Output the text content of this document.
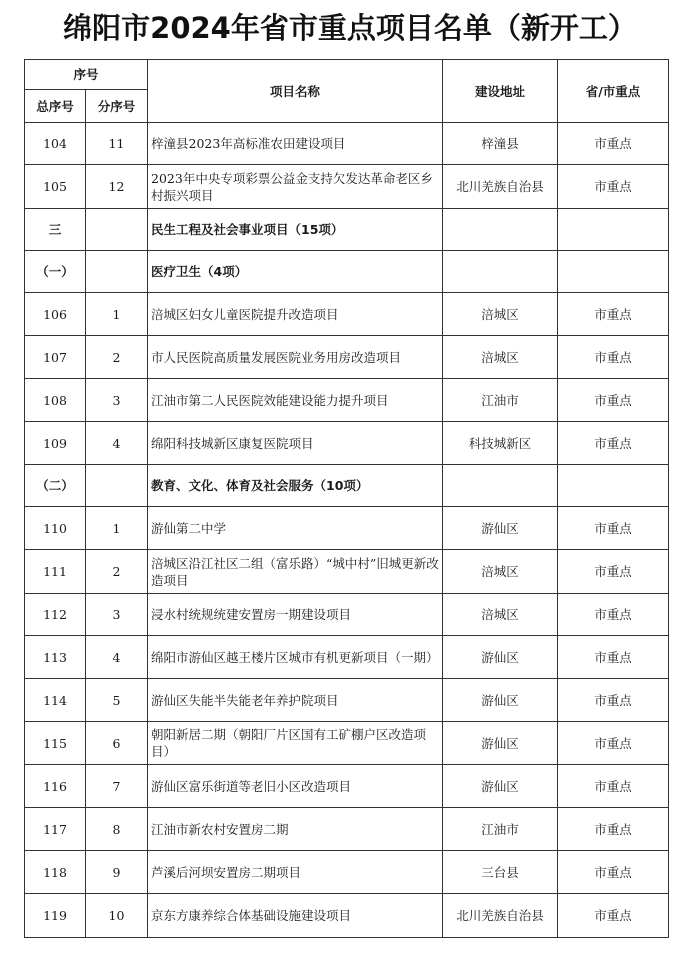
绵阳市2024年省市重点项目名单（新开工）
序号		项目名称	建设地址	省/市重点
总序号	分序号			
104	11	梓潼县2023年高标准农田建设项目	梓潼县	市重点
105	12	2023年中央专项彩票公益金支持欠发达革命老区乡村振兴项目	北川羌族自治县	市重点
三		民生工程及社会事业项目（15项）		
（一）		医疗卫生（4项）		
106	1	涪城区妇女儿童医院提升改造项目	涪城区	市重点
107	2	市人民医院高质量发展医院业务用房改造项目	涪城区	市重点
108	3	江油市第二人民医院效能建设能力提升项目	江油市	市重点
109	4	绵阳科技城新区康复医院项目	科技城新区	市重点
（二）		教育、文化、体育及社会服务（10项）		
110	1	游仙第二中学	游仙区	市重点
111	2	涪城区沿江社区二组（富乐路）“城中村”旧城更新改造项目	涪城区	市重点
112	3	浸水村统规统建安置房一期建设项目	涪城区	市重点
113	4	绵阳市游仙区越王楼片区城市有机更新项目（一期）	游仙区	市重点
114	5	游仙区失能半失能老年养护院项目	游仙区	市重点
115	6	朝阳新居二期（朝阳厂片区国有工矿棚户区改造项目）	游仙区	市重点
116	7	游仙区富乐街道等老旧小区改造项目	游仙区	市重点
117	8	江油市新农村安置房二期	江油市	市重点
118	9	芦溪后河坝安置房二期项目	三台县	市重点
119	10	京东方康养综合体基础设施建设项目	北川羌族自治县	市重点
